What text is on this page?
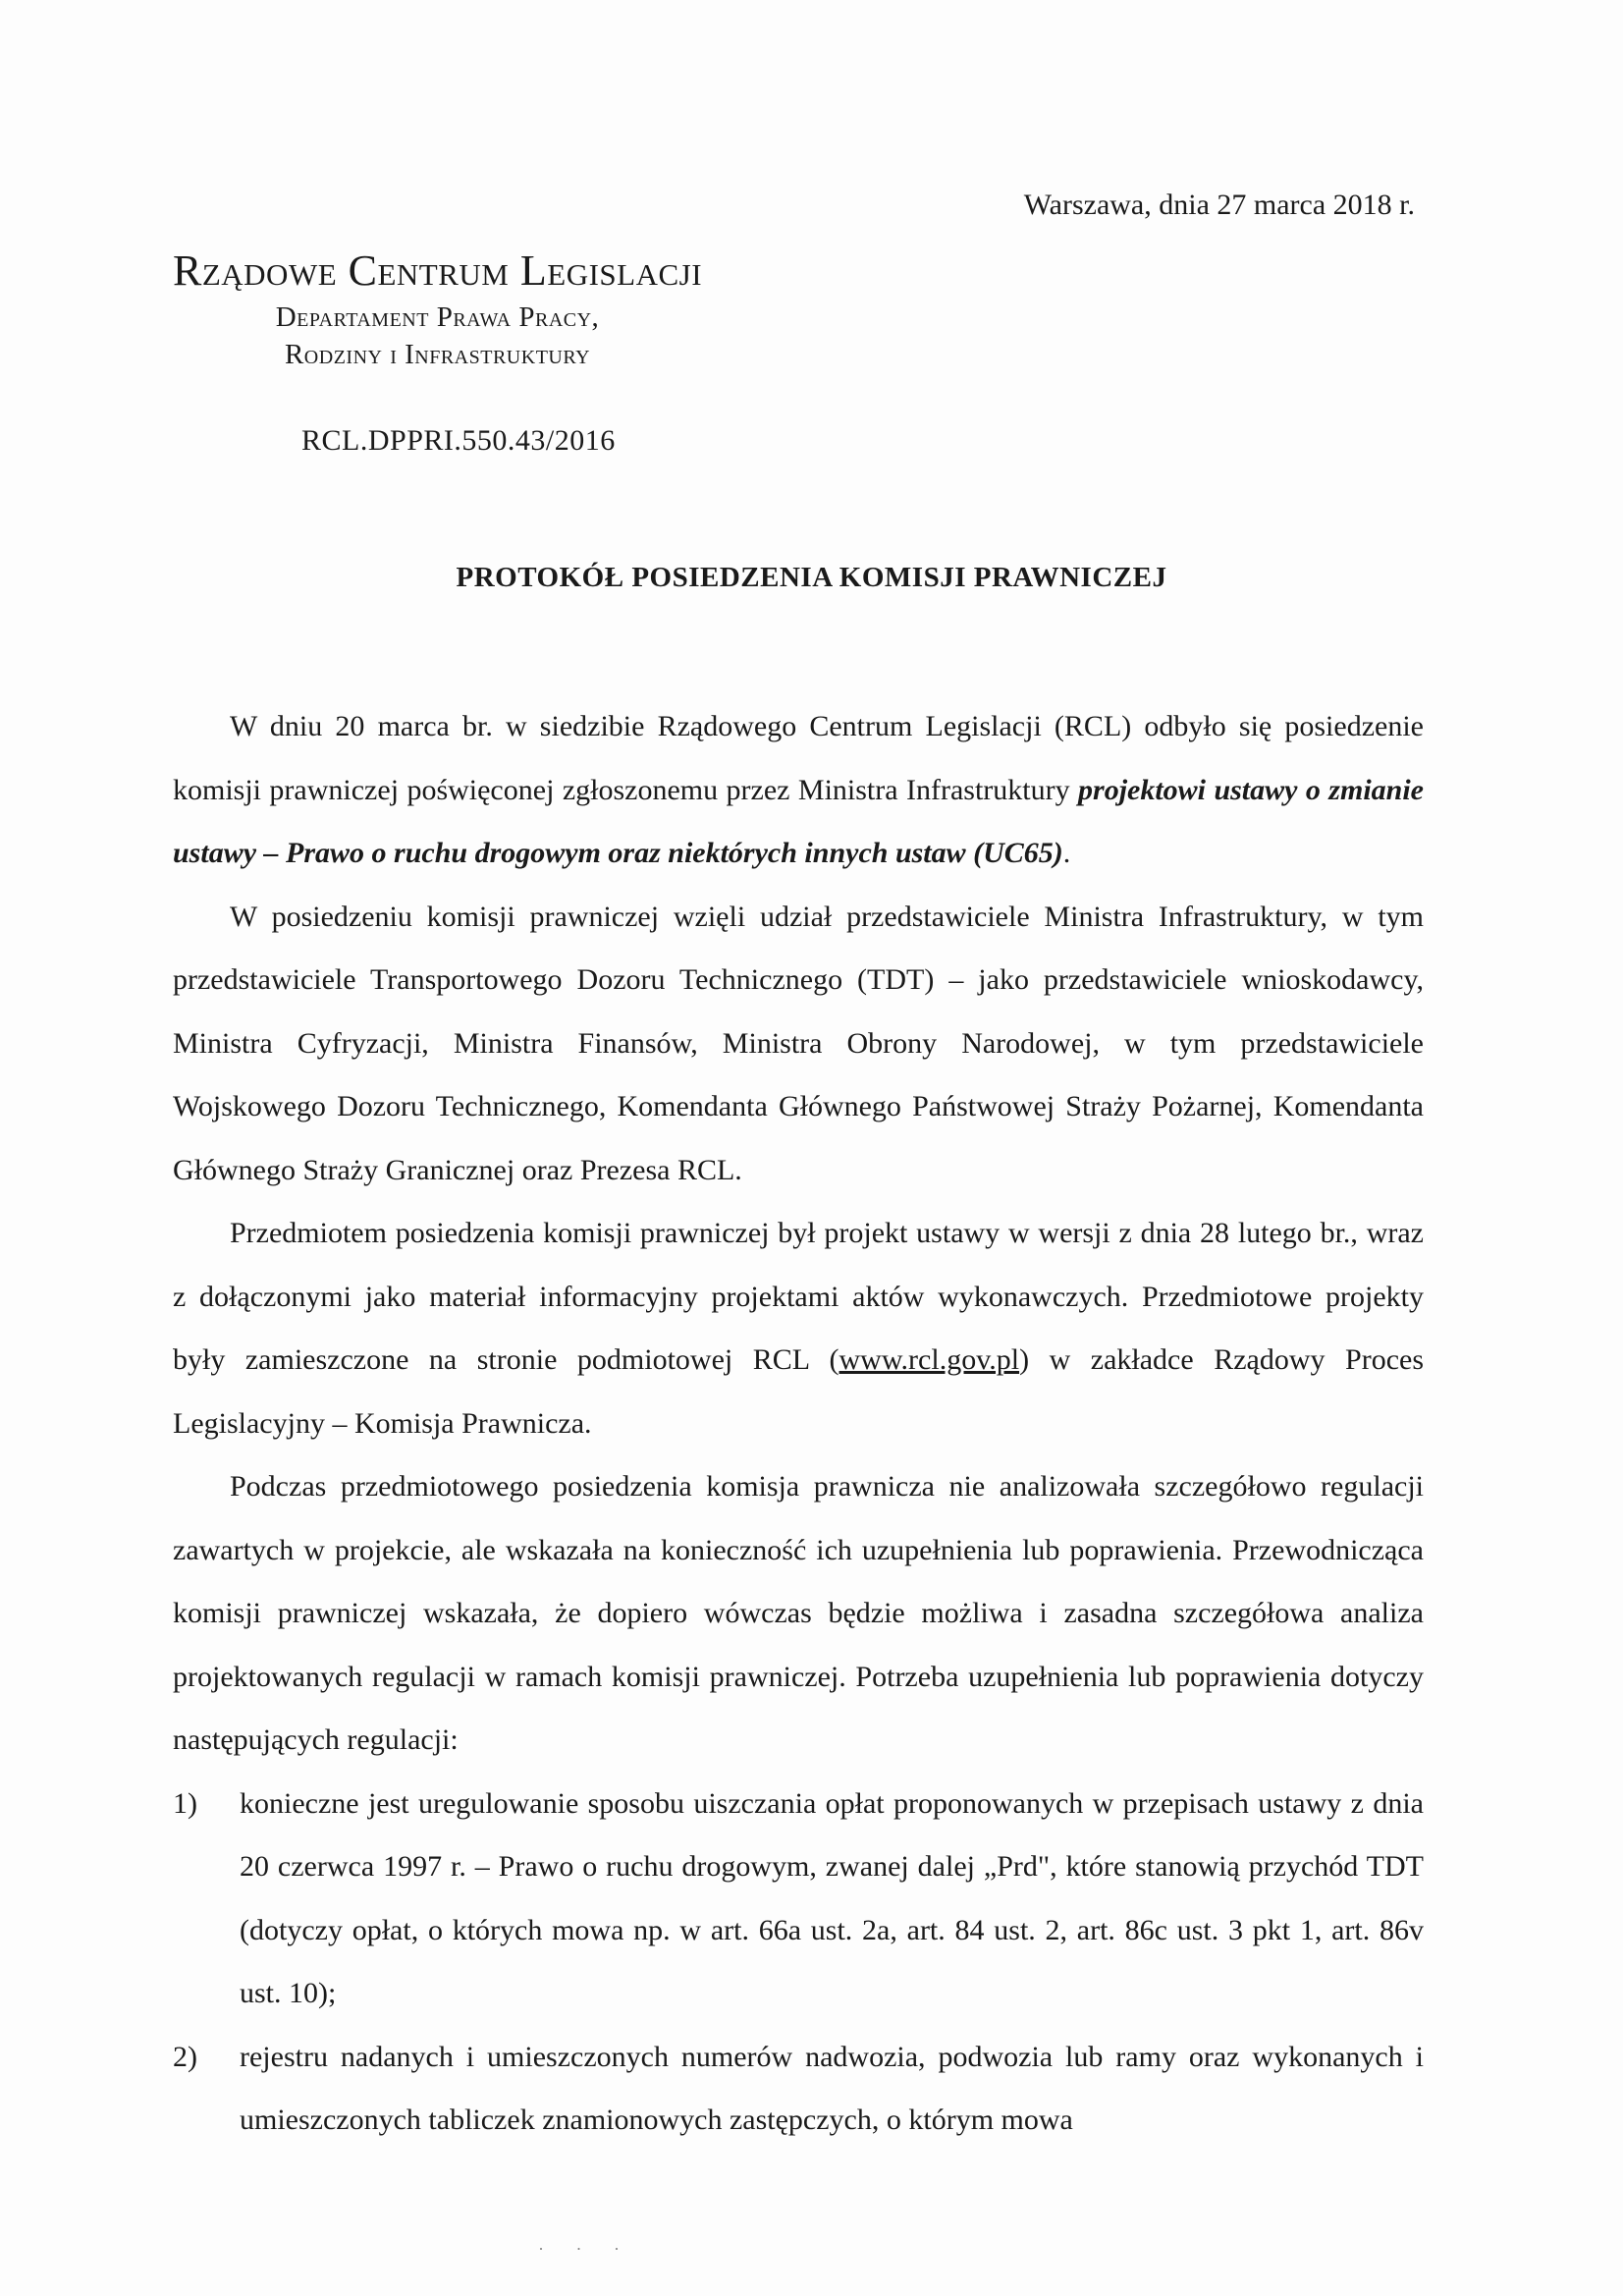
Warszawa, dnia 27 marca 2018 r.
Rządowe Centrum Legislacji
Departament Prawa Pracy,
Rodziny i Infrastruktury
RCL.DPPRI.550.43/2016
PROTOKÓŁ POSIEDZENIA KOMISJI PRAWNICZEJ

W dniu 20 marca br. w siedzibie Rządowego Centrum Legislacji (RCL) odbyło się posiedzenie komisji prawniczej poświęconej zgłoszonemu przez Ministra Infrastruktury projektowi ustawy o zmianie ustawy – Prawo o ruchu drogowym oraz niektórych innych ustaw (UC65).

W posiedzeniu komisji prawniczej wzięli udział przedstawiciele Ministra Infrastruktury, w tym przedstawiciele Transportowego Dozoru Technicznego (TDT) – jako przedstawiciele wnioskodawcy, Ministra Cyfryzacji, Ministra Finansów, Ministra Obrony Narodowej, w tym przedstawiciele Wojskowego Dozoru Technicznego, Komendanta Głównego Państwowej Straży Pożarnej, Komendanta Głównego Straży Granicznej oraz Prezesa RCL.

Przedmiotem posiedzenia komisji prawniczej był projekt ustawy w wersji z dnia 28 lutego br., wraz z dołączonymi jako materiał informacyjny projektami aktów wykonawczych. Przedmiotowe projekty były zamieszczone na stronie podmiotowej RCL (www.rcl.gov.pl) w zakładce Rządowy Proces Legislacyjny – Komisja Prawnicza.

Podczas przedmiotowego posiedzenia komisja prawnicza nie analizowała szczegółowo regulacji zawartych w projekcie, ale wskazała na konieczność ich uzupełnienia lub poprawienia. Przewodnicząca komisji prawniczej wskazała, że dopiero wówczas będzie możliwa i zasadna szczegółowa analiza projektowanych regulacji w ramach komisji prawniczej. Potrzeba uzupełnienia lub poprawienia dotyczy następujących regulacji:

1) konieczne jest uregulowanie sposobu uiszczania opłat proponowanych w przepisach ustawy z dnia 20 czerwca 1997 r. – Prawo o ruchu drogowym, zwanej dalej „Prd", które stanowią przychód TDT (dotyczy opłat, o których mowa np. w art. 66a ust. 2a, art. 84 ust. 2, art. 86c ust. 3 pkt 1, art. 86v ust. 10);
2) rejestru nadanych i umieszczonych numerów nadwozia, podwozia lub ramy oraz wykonanych i umieszczonych tabliczek znamionowych zastępczych, o którym mowa
· · ·
